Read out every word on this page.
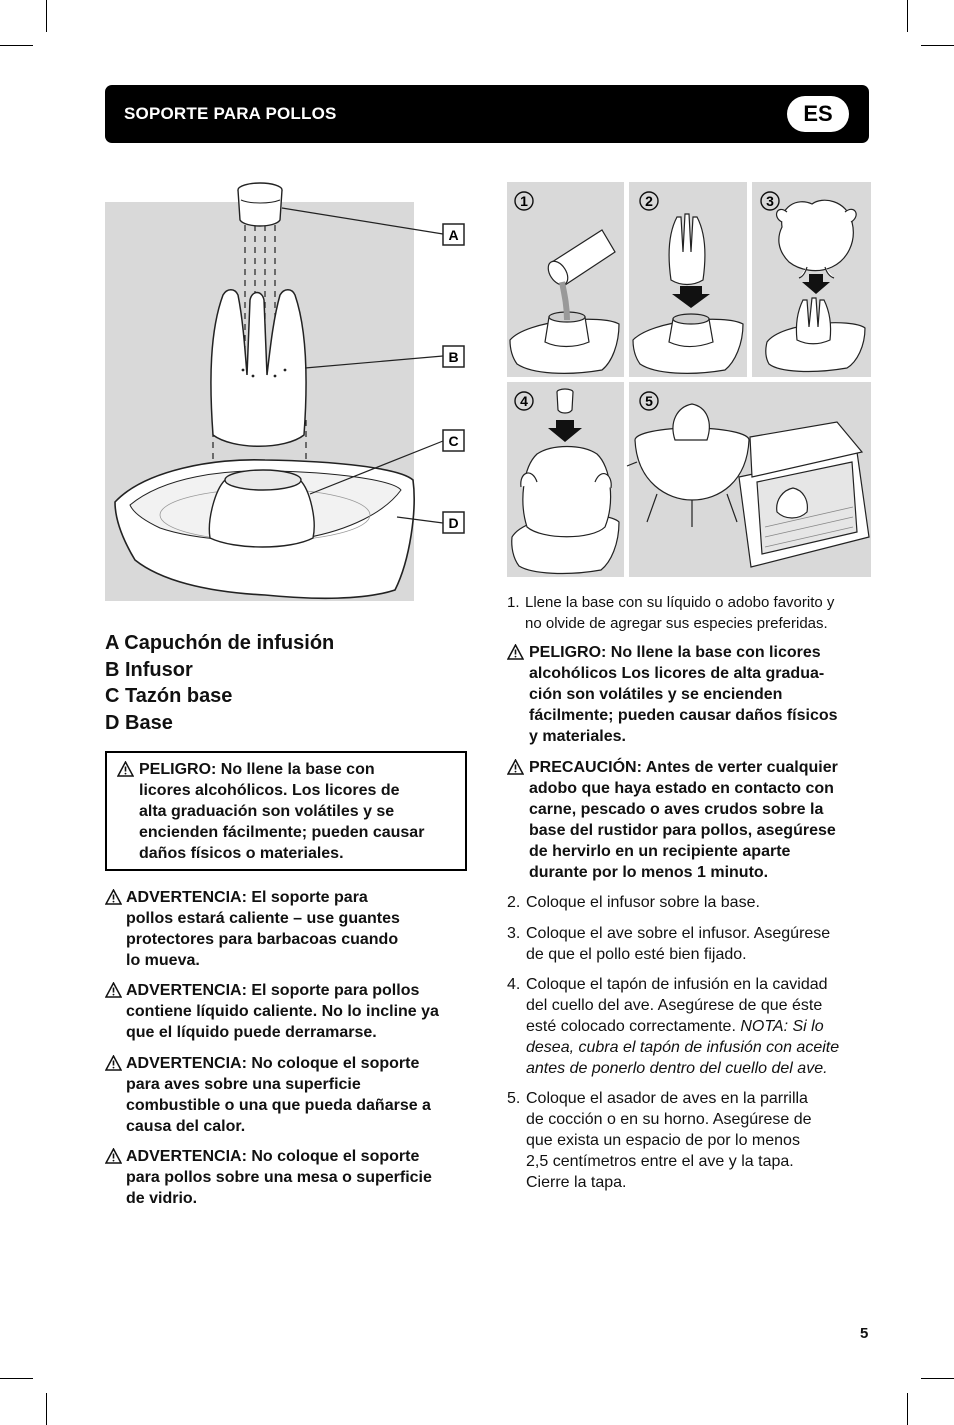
SOPORTE PARA POLLOS	ES
A
B
C
D
A Capuchón de infusión
B Infusor
C Tazón base
D Base
PELIGRO: No llene la base con
licores alcohólicos. Los licores de
alta graduación son volátiles y se
encienden fácilmente; pueden causar
daños físicos o materiales.
ADVERTENCIA: El soporte para
pollos estará caliente – use guantes
protectores para barbacoas cuando
lo mueva.
ADVERTENCIA: El soporte para pollos
contiene líquido caliente. No lo incline ya
que el líquido puede derramarse.
ADVERTENCIA: No coloque el soporte
para aves sobre una superficie
combustible o una que pueda dañarse a
causa del calor.
ADVERTENCIA: No coloque el soporte
para pollos sobre una mesa o superficie
de vidrio.
1	2	3
4	5
1. Llene la base con su líquido o adobo favorito y
no olvide de agregar sus especies preferidas.
PELIGRO: No llene la base con licores
alcohólicos Los licores de alta gradua-
ción son volátiles y se encienden
fácilmente; pueden causar daños físicos
y materiales.
PRECAUCIÓN: Antes de verter cualquier
adobo que haya estado en contacto con
carne, pescado o aves crudos sobre la
base del rustidor para pollos, asegúrese
de hervirlo en un recipiente aparte
durante por lo menos 1 minuto.
2. Coloque el infusor sobre la base.
3. Coloque el ave sobre el infusor. Asegúrese
de que el pollo esté bien fijado.
4. Coloque el tapón de infusión en la cavidad
del cuello del ave. Asegúrese de que éste
esté colocado correctamente. NOTA: Si lo
desea, cubra el tapón de infusión con aceite
antes de ponerlo dentro del cuello del ave.
5. Coloque el asador de aves en la parrilla
de cocción o en su horno. Asegúrese de
que exista un espacio de por lo menos
2,5 centímetros entre el ave y la tapa.
Cierre la tapa.
5
